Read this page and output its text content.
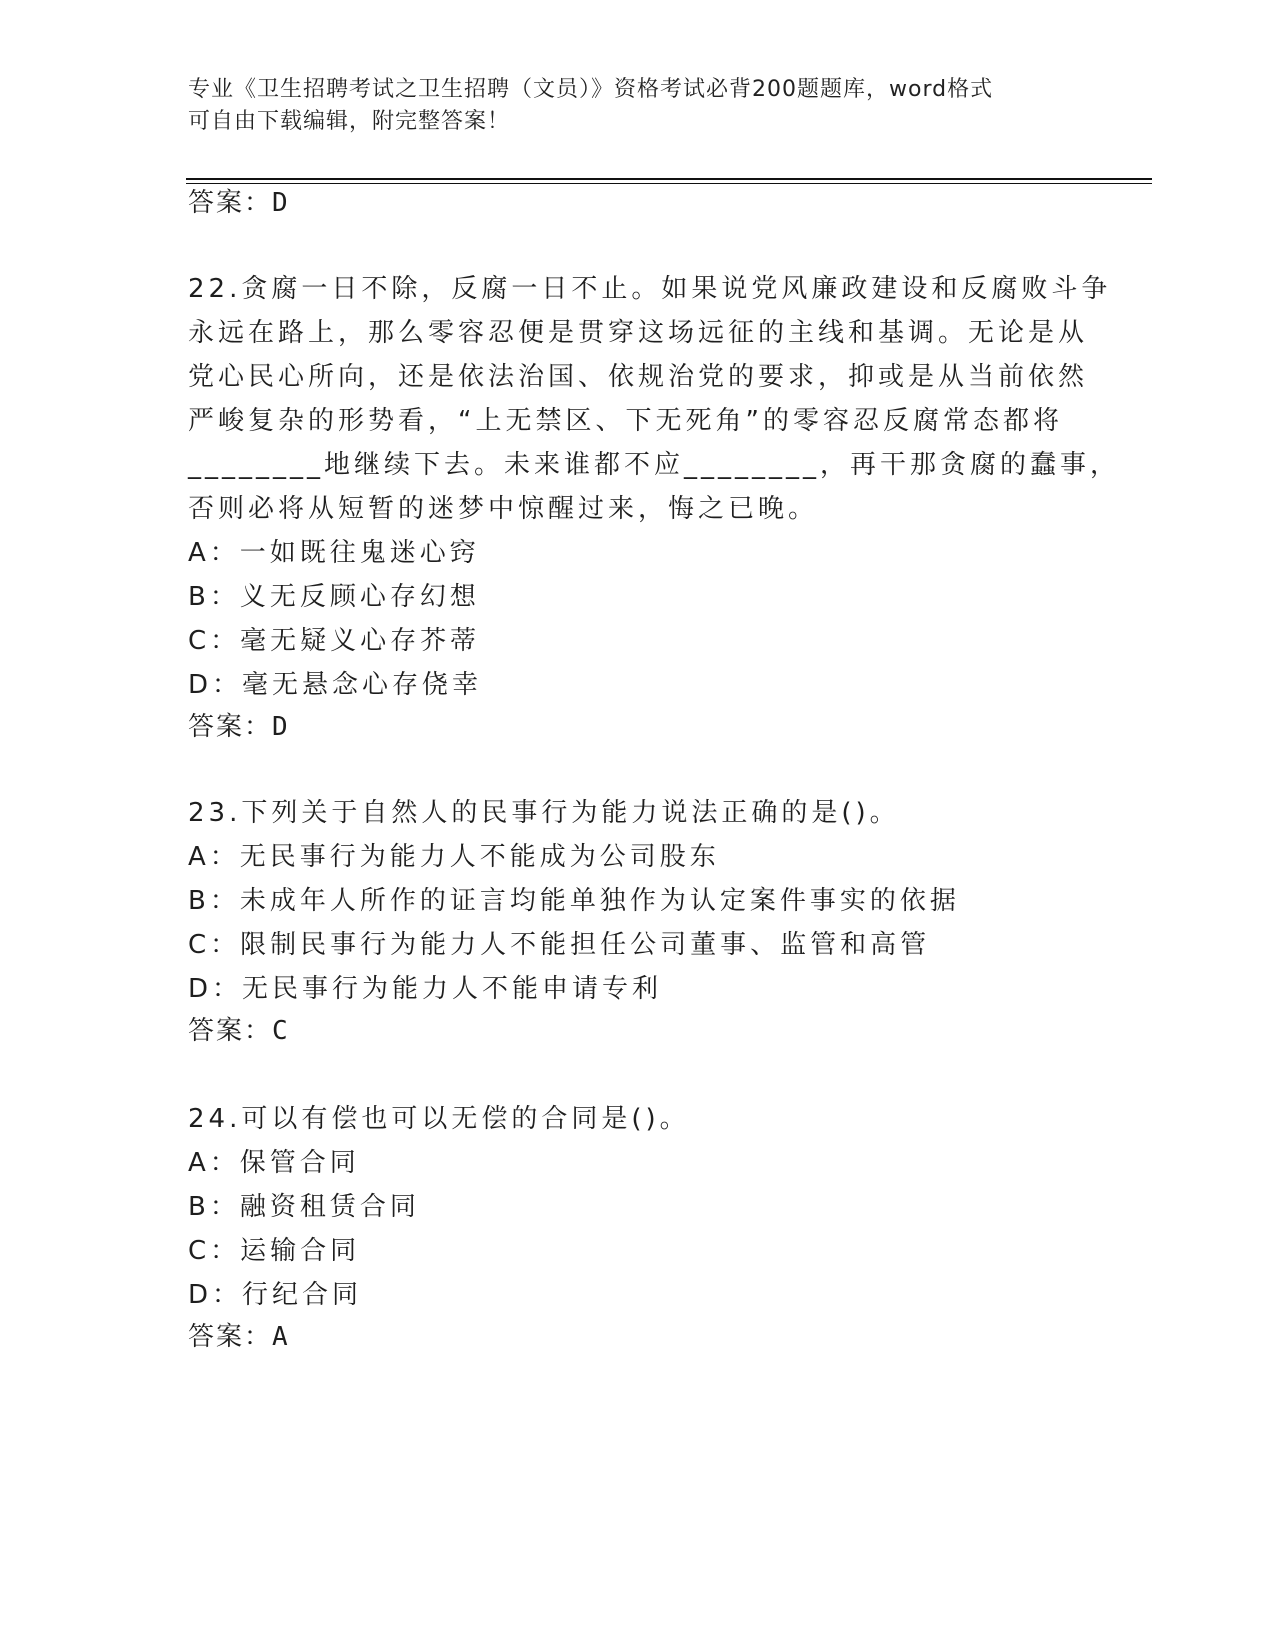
专业《卫生招聘考试之卫生招聘（文员）》资格考试必背200题题库，word格式
可自由下载编辑，附完整答案！
答案：D
22.贪腐一日不除，反腐一日不止。如果说党风廉政建设和反腐败斗争
永远在路上，那么零容忍便是贯穿这场远征的主线和基调。无论是从
党心民心所向，还是依法治国、依规治党的要求，抑或是从当前依然
严峻复杂的形势看，“上无禁区、下无死角”的零容忍反腐常态都将
________地继续下去。未来谁都不应________，再干那贪腐的蠢事，
否则必将从短暂的迷梦中惊醒过来，悔之已晚。
A：一如既往鬼迷心窍
B：义无反顾心存幻想
C：毫无疑义心存芥蒂
D：毫无悬念心存侥幸
答案：D
23.下列关于自然人的民事行为能力说法正确的是()。
A：无民事行为能力人不能成为公司股东
B：未成年人所作的证言均能单独作为认定案件事实的依据
C：限制民事行为能力人不能担任公司董事、监管和高管
D：无民事行为能力人不能申请专利
答案：C
24.可以有偿也可以无偿的合同是()。
A：保管合同
B：融资租赁合同
C：运输合同
D：行纪合同
答案：A
